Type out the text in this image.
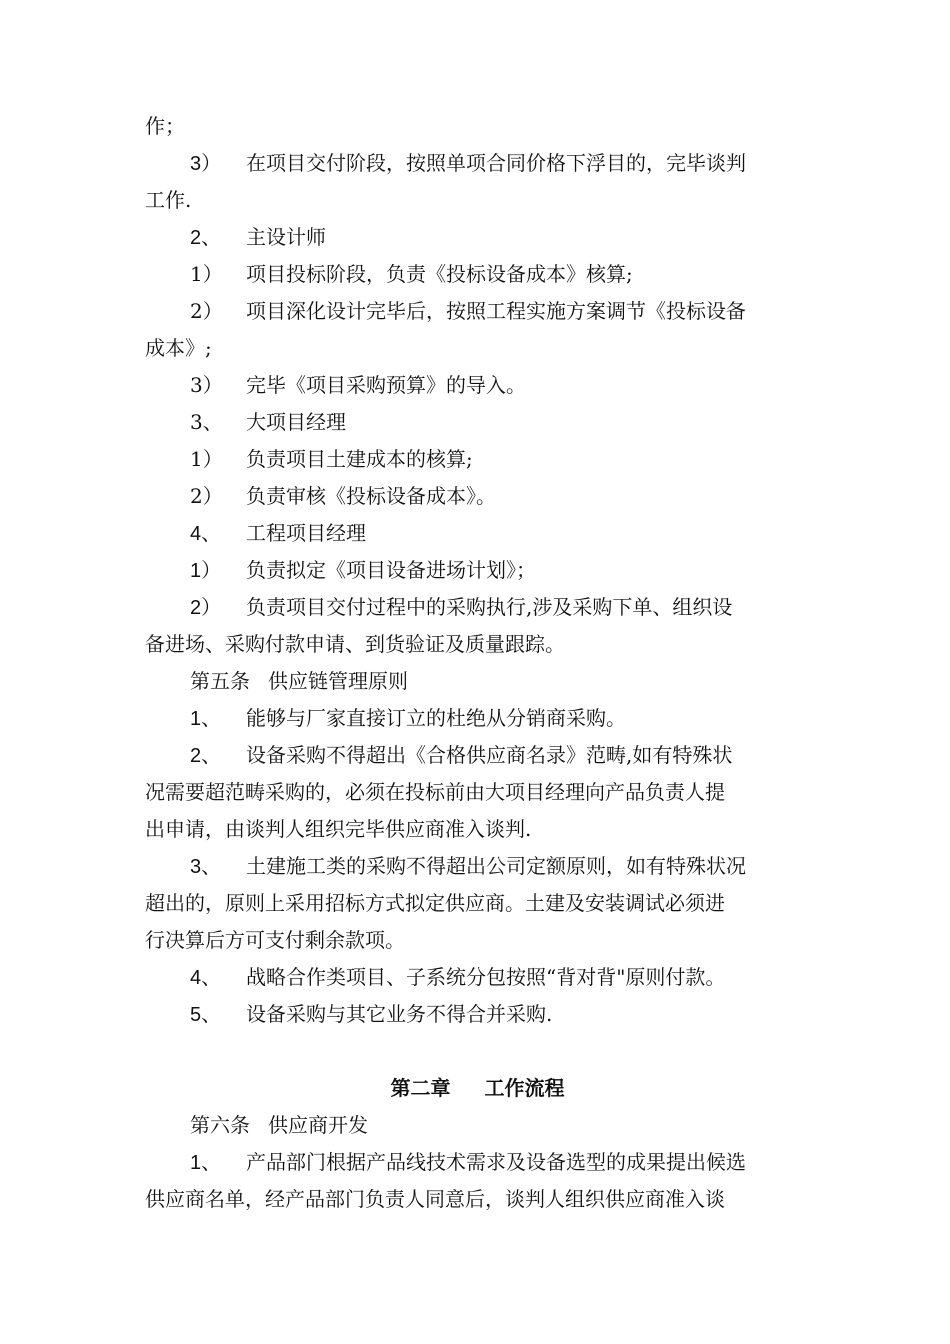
作；
3） 在项目交付阶段，按照单项合同价格下浮目的，完毕谈判
工作.
2、 主设计师
1） 项目投标阶段，负责《投标设备成本》核算;
2） 项目深化设计完毕后，按照工程实施方案调节《投标设备
成本》;
3） 完毕《项目采购预算》的导入。
3、 大项目经理
1） 负责项目土建成本的核算;
2） 负责审核《投标设备成本》。
4、 工程项目经理
1） 负责拟定《项目设备进场计划》；
2） 负责项目交付过程中的采购执行,涉及采购下单、组织设
备进场、采购付款申请、到货验证及质量跟踪。
第五条 供应链管理原则
1、 能够与厂家直接订立的杜绝从分销商采购。
2、 设备采购不得超出《合格供应商名录》范畴,如有特殊状
况需要超范畴采购的，必须在投标前由大项目经理向产品负责人提
出申请，由谈判人组织完毕供应商准入谈判.
3、 土建施工类的采购不得超出公司定额原则，如有特殊状况
超出的，原则上采用招标方式拟定供应商。土建及安装调试必须进
行决算后方可支付剩余款项。
4、 战略合作类项目、子系统分包按照“背对背"原则付款。
5、 设备采购与其它业务不得合并采购.
第二章 工作流程
第六条 供应商开发
1、 产品部门根据产品线技术需求及设备选型的成果提出候选
供应商名单，经产品部门负责人同意后，谈判人组织供应商准入谈
